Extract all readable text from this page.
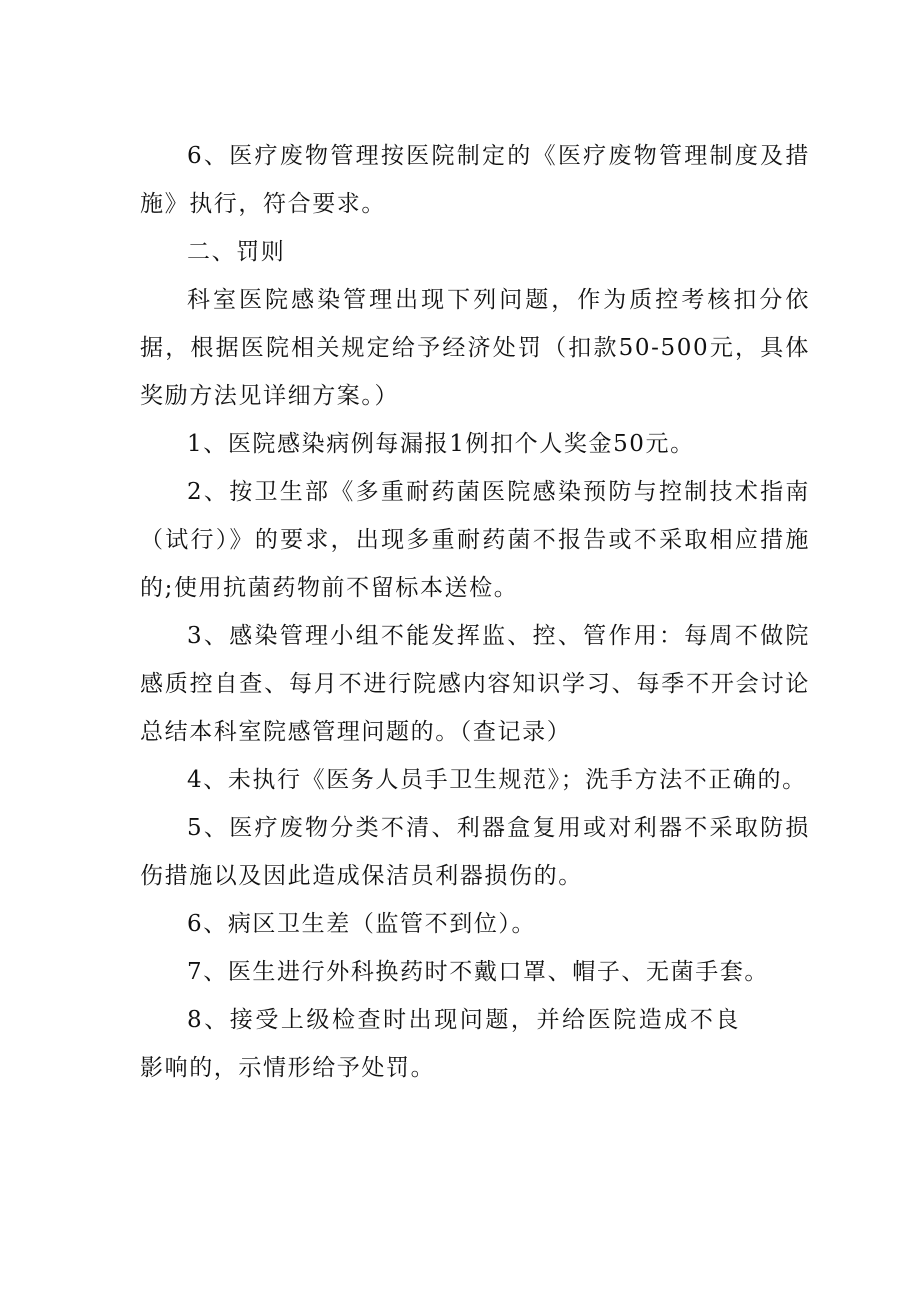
6、医疗废物管理按医院制定的《医疗废物管理制度及措施》执行，符合要求。

二、罚则

科室医院感染管理出现下列问题，作为质控考核扣分依据，根据医院相关规定给予经济处罚（扣款50-500元，具体奖励方法见详细方案。）

1、医院感染病例每漏报1例扣个人奖金50元。

2、按卫生部《多重耐药菌医院感染预防与控制技术指南（试行）》的要求，出现多重耐药菌不报告或不采取相应措施的;使用抗菌药物前不留标本送检。

3、感染管理小组不能发挥监、控、管作用：每周不做院感质控自查、每月不进行院感内容知识学习、每季不开会讨论总结本科室院感管理问题的。（查记录）

4、未执行《医务人员手卫生规范》；洗手方法不正确的。

5、医疗废物分类不清、利器盒复用或对利器不采取防损伤措施以及因此造成保洁员利器损伤的。

6、病区卫生差（监管不到位）。

7、医生进行外科换药时不戴口罩、帽子、无菌手套。

8、接受上级检查时出现问题，并给医院造成不良影响的，示情形给予处罚。
